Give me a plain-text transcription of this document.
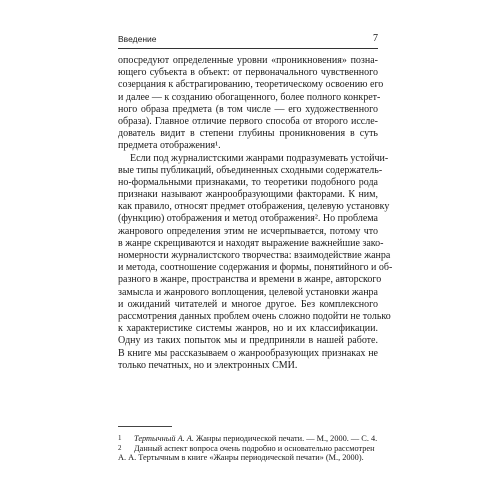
Введение	7
опосредуют определенные уровни «проникновения» позна-
ющего субъекта в объект: от первоначального чувственного
созерцания к абстрагированию, теоретическому освоению его
и далее — к созданию обогащенного, более полного конкрет-
ного образа предмета (в том числе — его художественного
образа). Главное отличие первого способа от второго иссле-
дователь видит в степени глубины проникновения в суть
предмета отображения¹.
Если под журналистскими жанрами подразумевать устойчи-
вые типы публикаций, объединенных сходными содержатель-
но-формальными признаками, то теоретики подобного рода
признаки называют жанрообразующими факторами. К ним,
как правило, относят предмет отображения, целевую установку
(функцию) отображения и метод отображения². Но проблема
жанрового определения этим не исчерпывается, потому что
в жанре скрещиваются и находят выражение важнейшие зако-
номерности журналистского творчества: взаимодействие жанра
и метода, соотношение содержания и формы, понятийного и об-
разного в жанре, пространства и времени в жанре, авторского
замысла и жанрового воплощения, целевой установки жанра
и ожиданий читателей и многое другое. Без комплексного
рассмотрения данных проблем очень сложно подойти не только
к характеристике системы жанров, но и их классификации.
Одну из таких попыток мы и предприняли в нашей работе.
В книге мы рассказываем о жанрообразующих признаках не
только печатных, но и электронных СМИ.
1 Тертычный А. А. Жанры периодической печати. — М., 2000. — С. 4.
2 Данный аспект вопроса очень подробно и основательно рассмотрен
А. А. Тертычным в книге «Жанры периодической печати» (М., 2000).
